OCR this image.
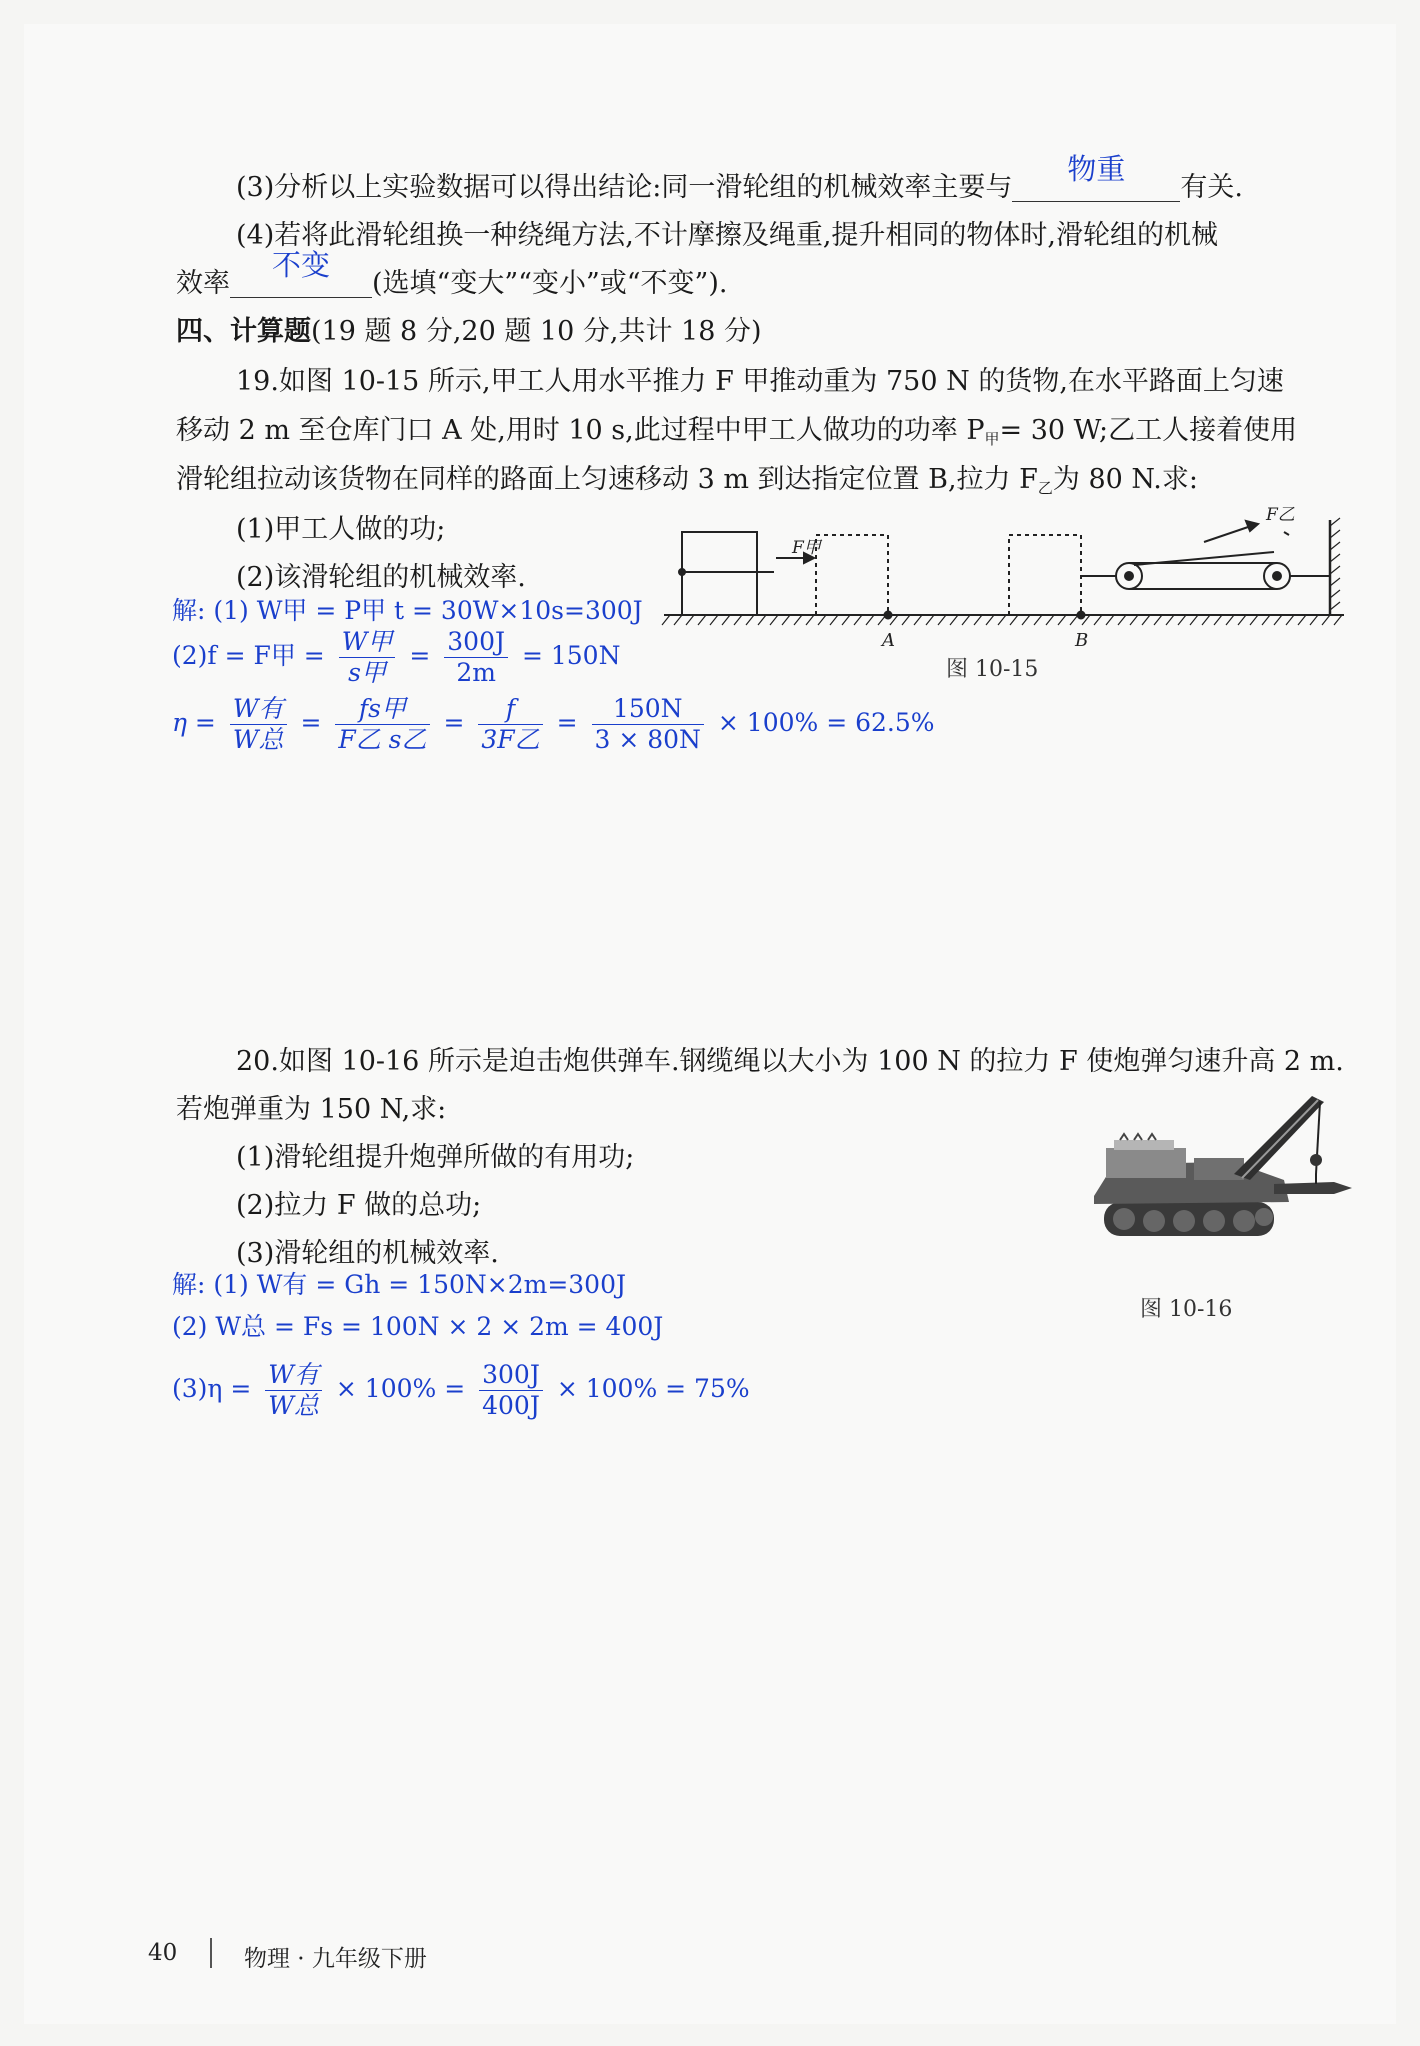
(3)分析以上实验数据可以得出结论:同一滑轮组的机械效率主要与
物重
有关.
(4)若将此滑轮组换一种绕绳方法,不计摩擦及绳重,提升相同的物体时,滑轮组的机械
效率
不变
(选填“变大”“变小”或“不变”).
四、计算题(19 题 8 分,20 题 10 分,共计 18 分)
19.如图 10-15 所示,甲工人用水平推力 F 甲推动重为 750 N 的货物,在水平路面上匀速
移动 2 m 至仓库门口 A 处,用时 10 s,此过程中甲工人做功的功率 $P_甲= 30$ W;乙工人接着使用
滑轮组拉动该货物在同样的路面上匀速移动 3 m 到达指定位置 B,拉力 $F_乙$为 80 N.求:
(1)甲工人做的功;
(2)该滑轮组的机械效率.
F甲
F乙
A	B
图 10-15
解: (1) W甲 = P甲 t = 30W×10s=300J
(2)f = F甲 = $\frac{\text{W甲}}{\text{s甲}} = \frac{300J}{2m} = 150N$
$\eta = \frac{\text{W有}}{\text{W总}} = \frac{\text{fs甲}}{\text{F乙 s乙}} = \frac{f}{\text{3F乙}} = \frac{150N}{3 \times 80N} \times 100\% = 62.5\%$
20.如图 10-16 所示是迫击炮供弹车.钢缆绳以大小为 100 N 的拉力 F 使炮弹匀速升高 2 m.
若炮弹重为 150 N,求:
(1)滑轮组提升炮弹所做的有用功;
(2)拉力 F 做的总功;
(3)滑轮组的机械效率.
图 10-16
解: (1) W有 = Gh = 150N×2m=300J
(2) W总 = Fs = 100N × 2 × 2m = 400J
$(3)\eta = \frac{\text{W有}}{\text{W总}} \times 100\% = \frac{300J}{400J} \times 100\% = 75\%$
40	物理 · 九年级下册
